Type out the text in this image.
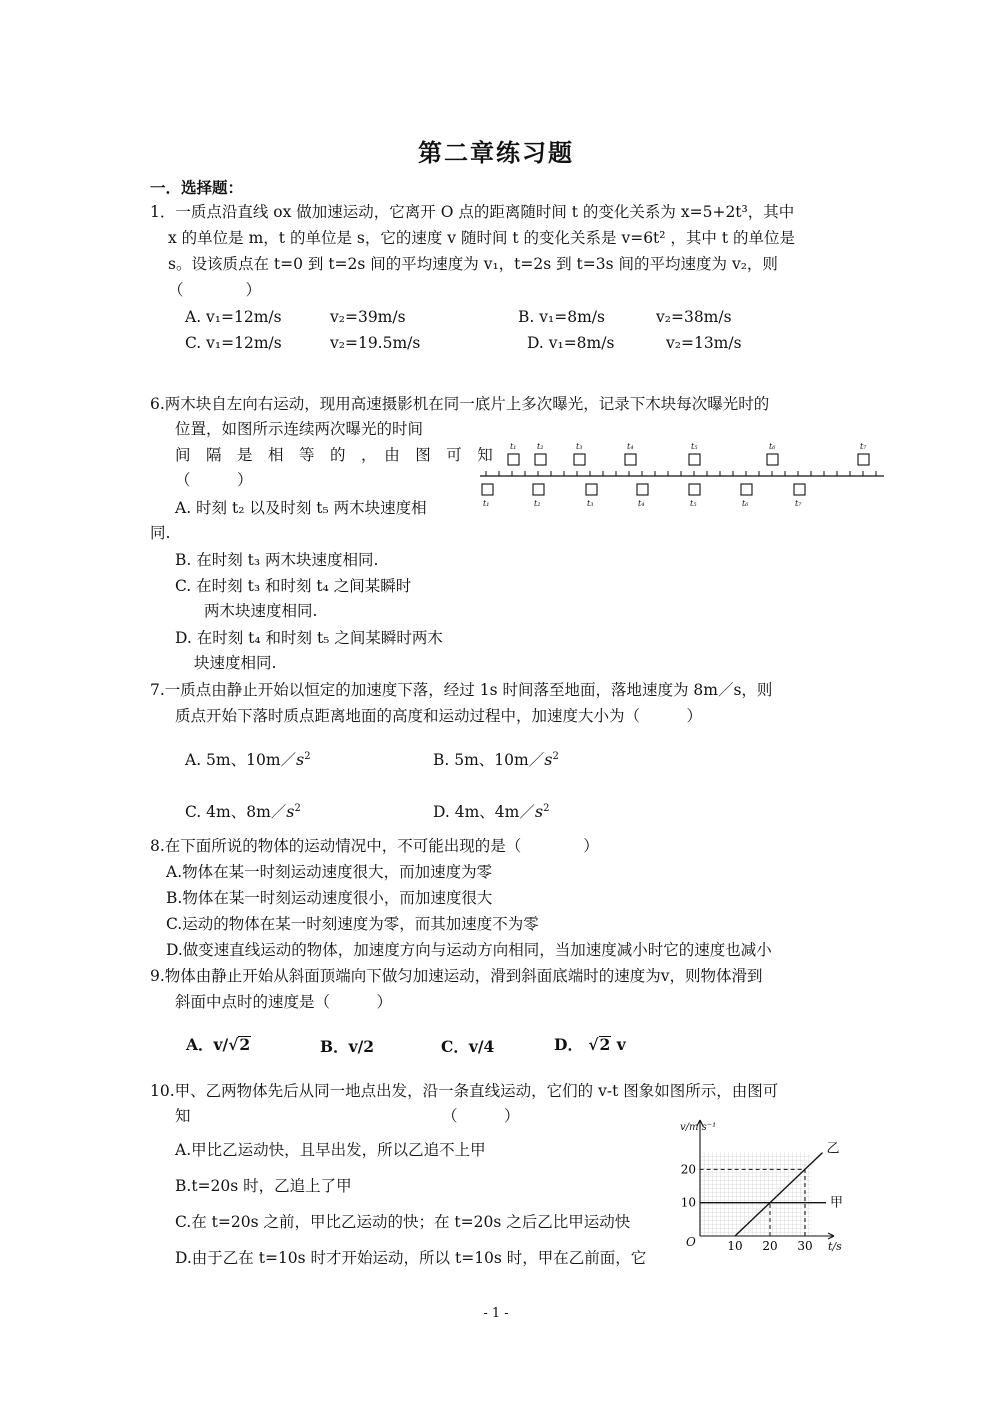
第二章练习题
一．选择题：
1．一质点沿直线 ox 做加速运动，它离开 O 点的距离随时间 t 的变化关系为 x=5+2t³，其中
x 的单位是 m，t 的单位是 s，它的速度 v 随时间 t 的变化关系是 v=6t² ，其中 t 的单位是
s。设该质点在 t=0 到 t=2s 间的平均速度为 v₁，t=2s 到 t=3s 间的平均速度为 v₂，则
（　　　　）
A. v₁=12m/s	v₂=39m/s	B. v₁=8m/s	v₂=38m/s
C. v₁=12m/s	v₂=19.5m/s	D. v₁=8m/s	v₂=13m/s
6.两木块自左向右运动，现用高速摄影机在同一底片上多次曝光，记录下木块每次曝光时的
位置，如图所示连续两次曝光的时间
间　隔　是　相　等　的　，　由　图　可　知
（　　　）
A. 时刻 t₂ 以及时刻 t₅ 两木块速度相
同.
B. 在时刻 t₃ 两木块速度相同.
C. 在时刻 t₃ 和时刻 t₄ 之间某瞬时
两木块速度相同.
D. 在时刻 t₄ 和时刻 t₅ 之间某瞬时两木
块速度相同.
t₁	t₂	t₃	t₄	t₅	t₆	t₇
t₁	t₂	t₃	t₄	t₅	t₆	t₇
7.一质点由静止开始以恒定的加速度下落，经过 1s 时间落至地面，落地速度为 8m／s，则
质点开始下落时质点距离地面的高度和运动过程中，加速度大小为（　　　）
A. 5m、$10m/s^2$	B. 5m、$10m/s^2$
C. 4m、$8m/s^2$	D. 4m、$4m/s^2$
8.在下面所说的物体的运动情况中，不可能出现的是（　　　　）
A.物体在某一时刻运动速度很大，而加速度为零
B.物体在某一时刻运动速度很小，而加速度很大
C.运动的物体在某一时刻速度为零，而其加速度不为零
D.做变速直线运动的物体，加速度方向与运动方向相同，当加速度减小时它的速度也减小
9.物体由静止开始从斜面顶端向下做匀加速运动，滑到斜面底端时的速度为v，则物体滑到
斜面中点时的速度是（　　　）
A．v/√2	B．v/2	C．v/4	D． √2 v
10.甲、乙两物体先后从同一地点出发，沿一条直线运动，它们的 v-t 图象如图所示，由图可
知	（　　　）
A.甲比乙运动快，且早出发，所以乙追不上甲
B.t=20s 时，乙追上了甲
C.在 t=20s 之前，甲比乙运动的快；在 t=20s 之后乙比甲运动快
D.由于乙在 t=10s 时才开始运动，所以 t=10s 时，甲在乙前面，它
甲
乙
10 20 30
10
20
v/m·s⁻¹
t/s
O
- 1 -
